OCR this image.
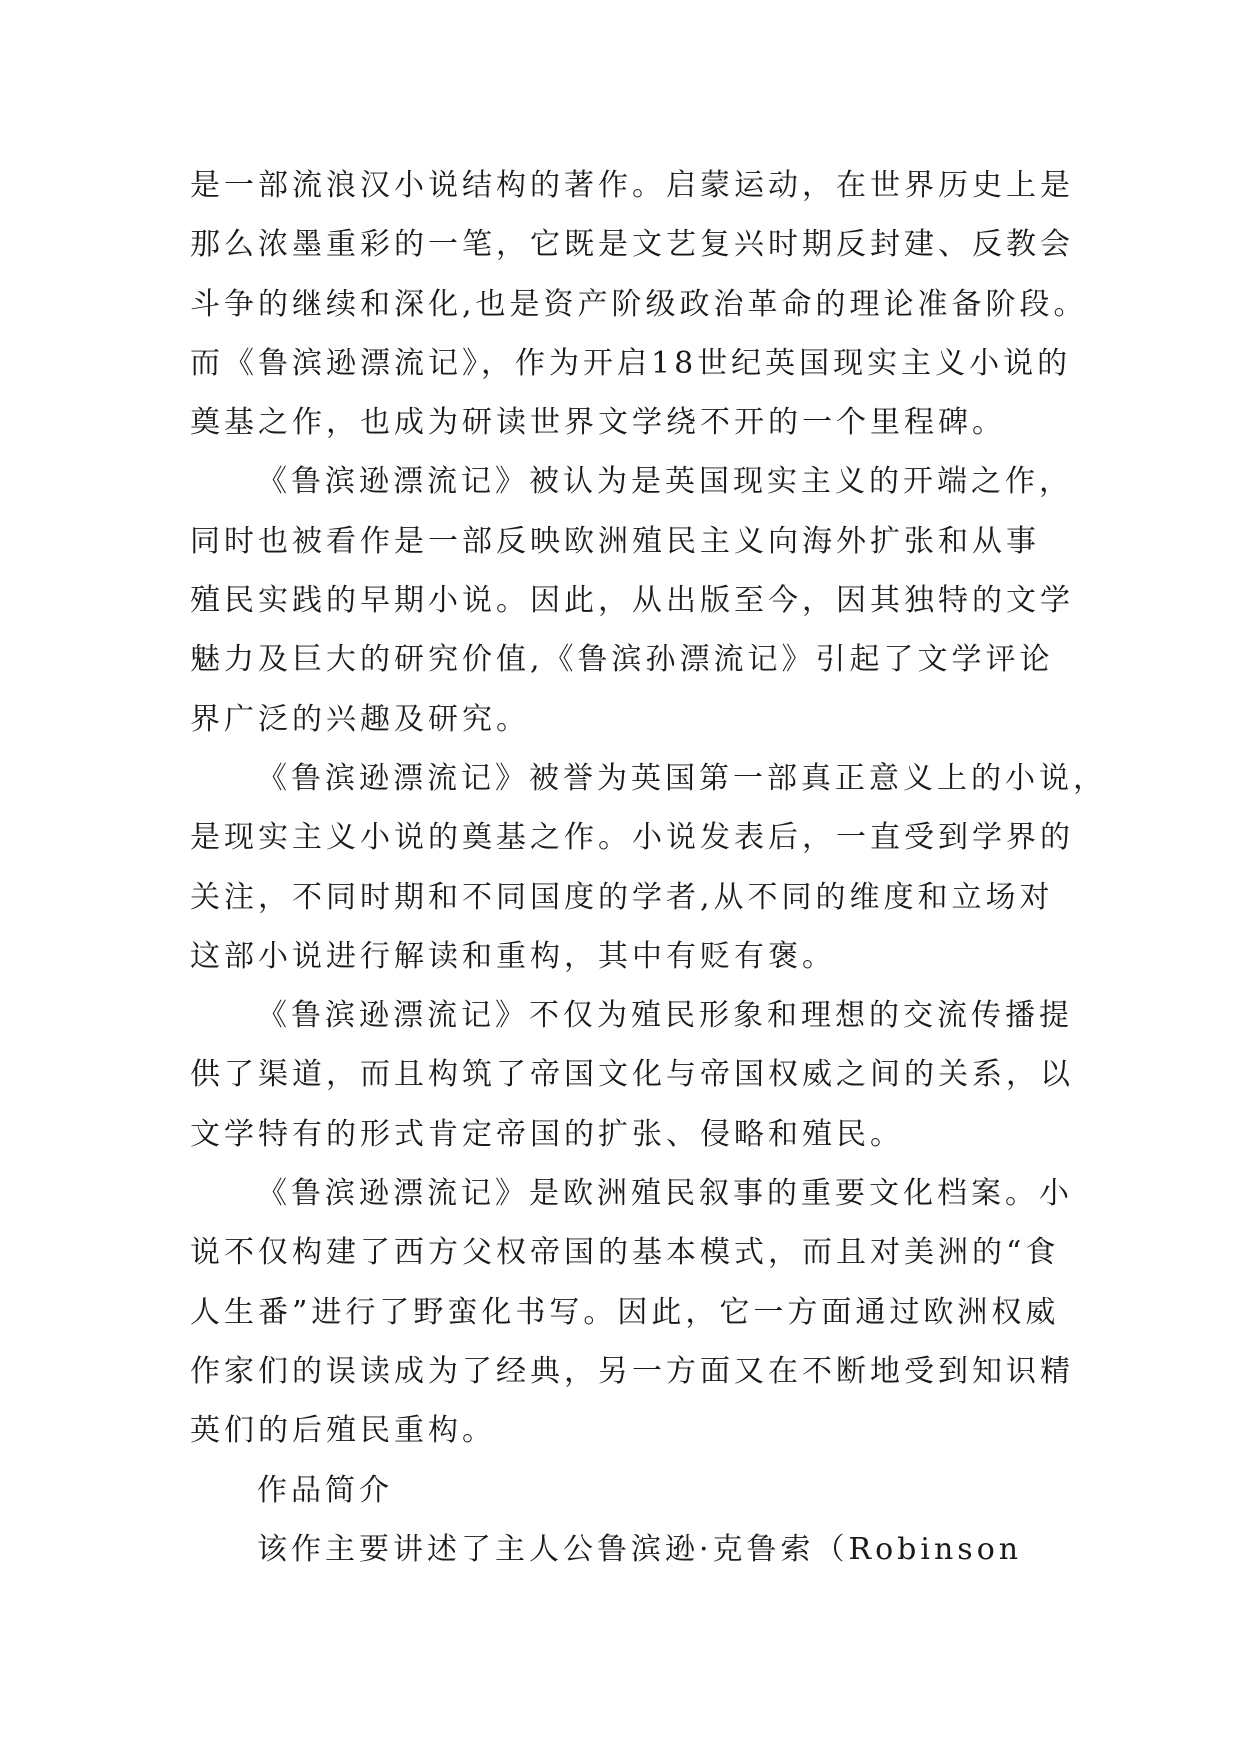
是一部流浪汉小说结构的著作。启蒙运动，在世界历史上是
那么浓墨重彩的一笔，它既是文艺复兴时期反封建、反教会
斗争的继续和深化,也是资产阶级政治革命的理论准备阶段。
而《鲁滨逊漂流记》，作为开启18世纪英国现实主义小说的
奠基之作，也成为研读世界文学绕不开的一个里程碑。
《鲁滨逊漂流记》被认为是英国现实主义的开端之作，
同时也被看作是一部反映欧洲殖民主义向海外扩张和从事
殖民实践的早期小说。因此，从出版至今，因其独特的文学
魅力及巨大的研究价值,《鲁滨孙漂流记》引起了文学评论
界广泛的兴趣及研究。
《鲁滨逊漂流记》被誉为英国第一部真正意义上的小说，
是现实主义小说的奠基之作。小说发表后，一直受到学界的
关注，不同时期和不同国度的学者,从不同的维度和立场对
这部小说进行解读和重构，其中有贬有褒。
《鲁滨逊漂流记》不仅为殖民形象和理想的交流传播提
供了渠道，而且构筑了帝国文化与帝国权威之间的关系，以
文学特有的形式肯定帝国的扩张、侵略和殖民。
《鲁滨逊漂流记》是欧洲殖民叙事的重要文化档案。小
说不仅构建了西方父权帝国的基本模式，而且对美洲的“食
人生番”进行了野蛮化书写。因此，它一方面通过欧洲权威
作家们的误读成为了经典，另一方面又在不断地受到知识精
英们的后殖民重构。
作品简介
该作主要讲述了主人公鲁滨逊·克鲁索（Robinson
